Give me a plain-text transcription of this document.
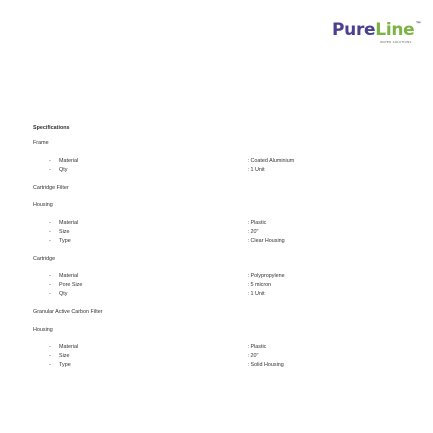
PureLine™
WATER SOLUTIONS
Specifications
Frame
- Material	:Coated Aluminium
- Qty	:1 Unit
Cartridge Filter
Housing
- Material	:Plastic
- Size	:20"
- Type	:Clear Housing
Cartridge
- Material	:Polypropylene
- Pore Size	:5 micron
- Qty	:1 Unit
Granular Active Carbon Filter
Housing
- Material	:Plastic
- Size	:20"
- Type	:Solid Housing
